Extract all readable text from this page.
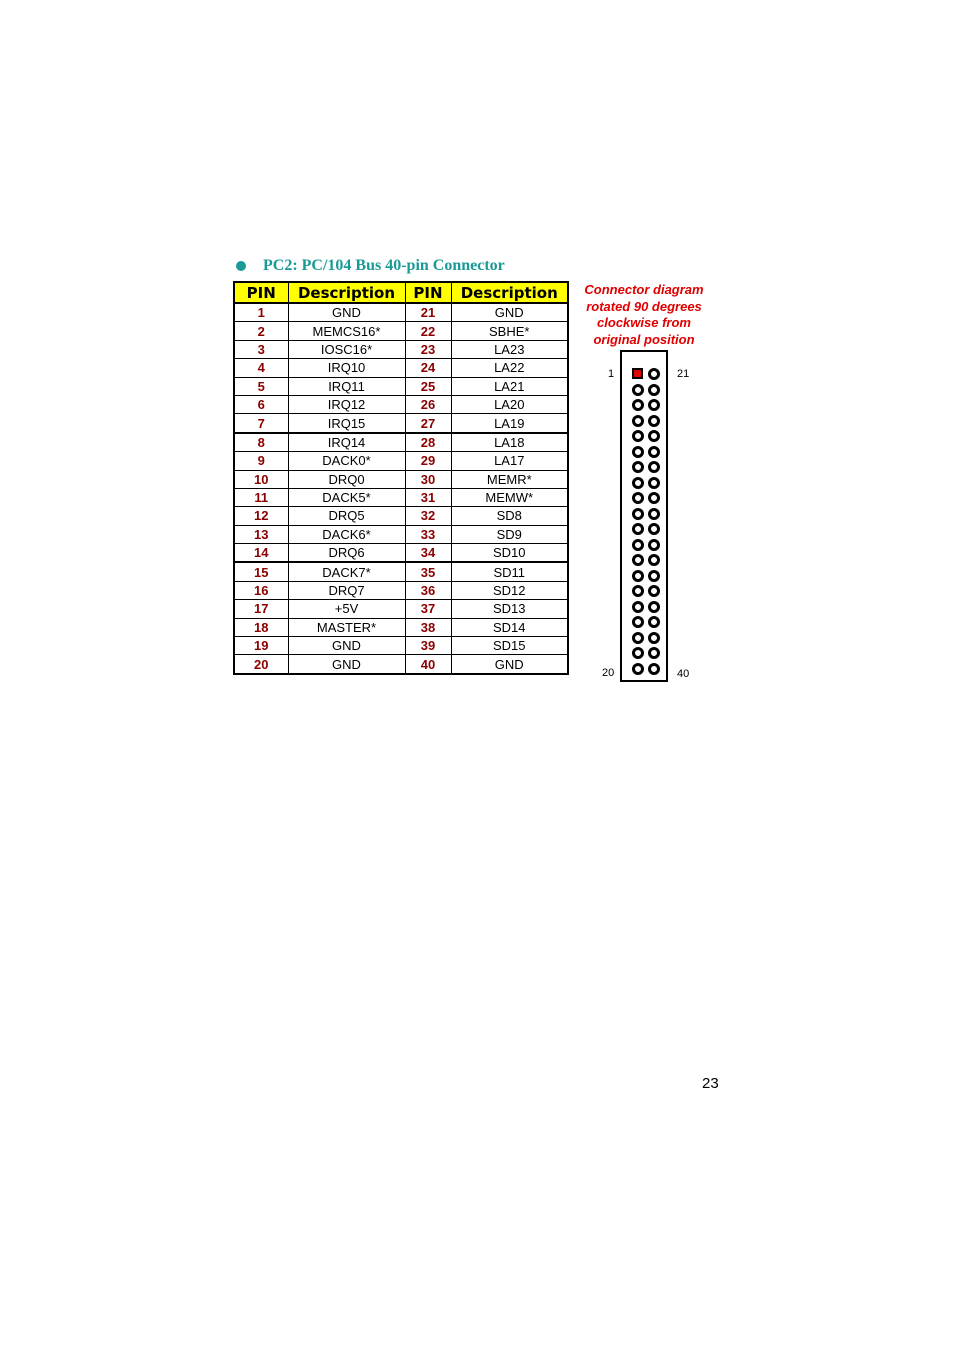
PC2: PC/104 Bus 40-pin Connector
PIN	Description	PIN	Description
1	GND	21	GND
2	MEMCS16*	22	SBHE*
3	IOSC16*	23	LA23
4	IRQ10	24	LA22
5	IRQ11	25	LA21
6	IRQ12	26	LA20
7	IRQ15	27	LA19
8	IRQ14	28	LA18
9	DACK0*	29	LA17
10	DRQ0	30	MEMR*
11	DACK5*	31	MEMW*
12	DRQ5	32	SD8
13	DACK6*	33	SD9
14	DRQ6	34	SD10
15	DACK7*	35	SD11
16	DRQ7	36	SD12
17	+5V	37	SD13
18	MASTER*	38	SD14
19	GND	39	SD15
20	GND	40	GND
Connector diagram
rotated 90 degrees
clockwise from
original position
1	21
20	40
23
